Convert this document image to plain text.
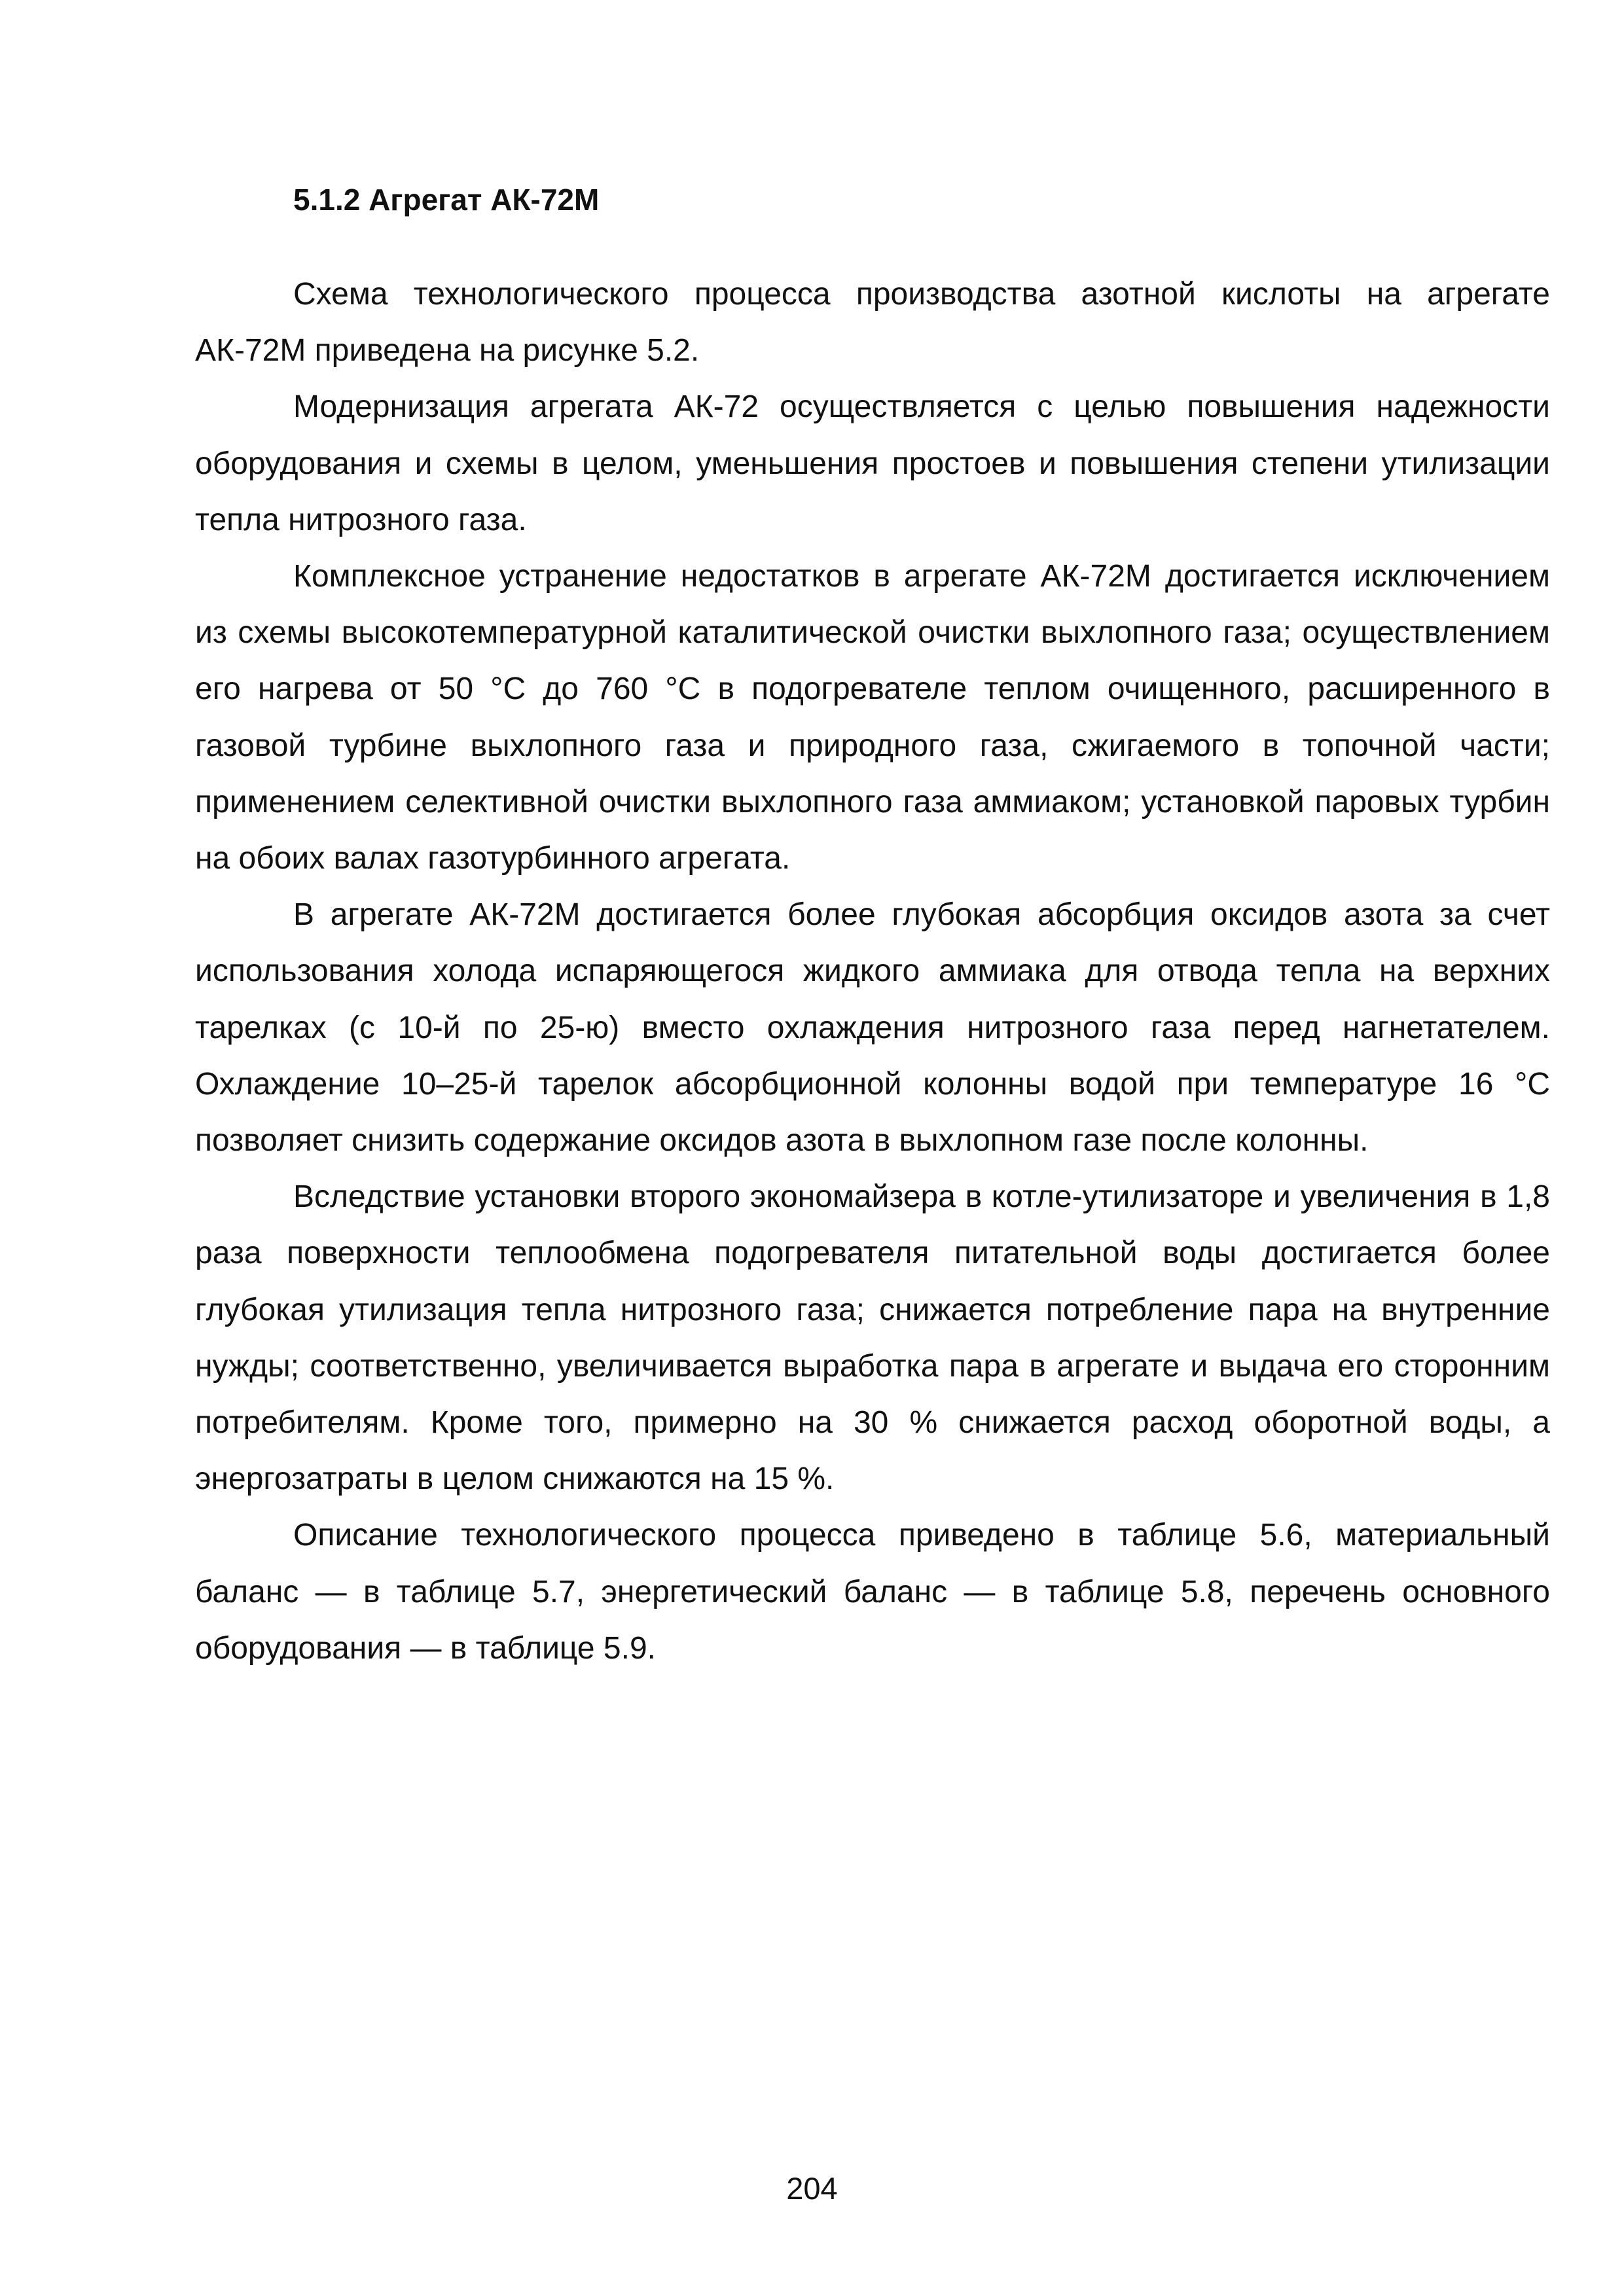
5.1.2 Агрегат АК-72М

Схема технологического процесса производства азотной кислоты на агрегате АК-72М приведена на рисунке 5.2.

Модернизация агрегата АК-72 осуществляется с целью повышения надежности оборудования и схемы в целом, уменьшения простоев и повышения степени утилизации тепла нитрозного газа.

Комплексное устранение недостатков в агрегате АК-72М достигается исключением из схемы высокотемпературной каталитической очистки выхлопного газа; осуществлением его нагрева от 50 °С до 760 °С в подогревателе теплом очищенного, расширенного в газовой турбине выхлопного газа и природного газа, сжигаемого в топочной части; применением селективной очистки выхлопного газа аммиаком; установкой паровых турбин на обоих валах газотурбинного агрегата.

В агрегате АК-72М достигается более глубокая абсорбция оксидов азота за счет использования холода испаряющегося жидкого аммиака для отвода тепла на верхних тарелках (с 10-й по 25-ю) вместо охлаждения нитрозного газа перед нагнетателем. Охлаждение 10–25-й тарелок абсорбционной колонны водой при температуре 16 °С позволяет снизить содержание оксидов азота в выхлопном газе после колонны.

Вследствие установки второго экономайзера в котле-утилизаторе и увеличения в 1,8 раза поверхности теплообмена подогревателя питательной воды достигается более глубокая утилизация тепла нитрозного газа; снижается потребление пара на внутренние нужды; соответственно, увеличивается выработка пара в агрегате и выдача его сторонним потребителям. Кроме того, примерно на 30 % снижается расход оборотной воды, а энергозатраты в целом снижаются на 15 %.

Описание технологического процесса приведено в таблице 5.6, материальный баланс — в таблице 5.7, энергетический баланс — в таблице 5.8, перечень основного оборудования — в таблице 5.9.

204
